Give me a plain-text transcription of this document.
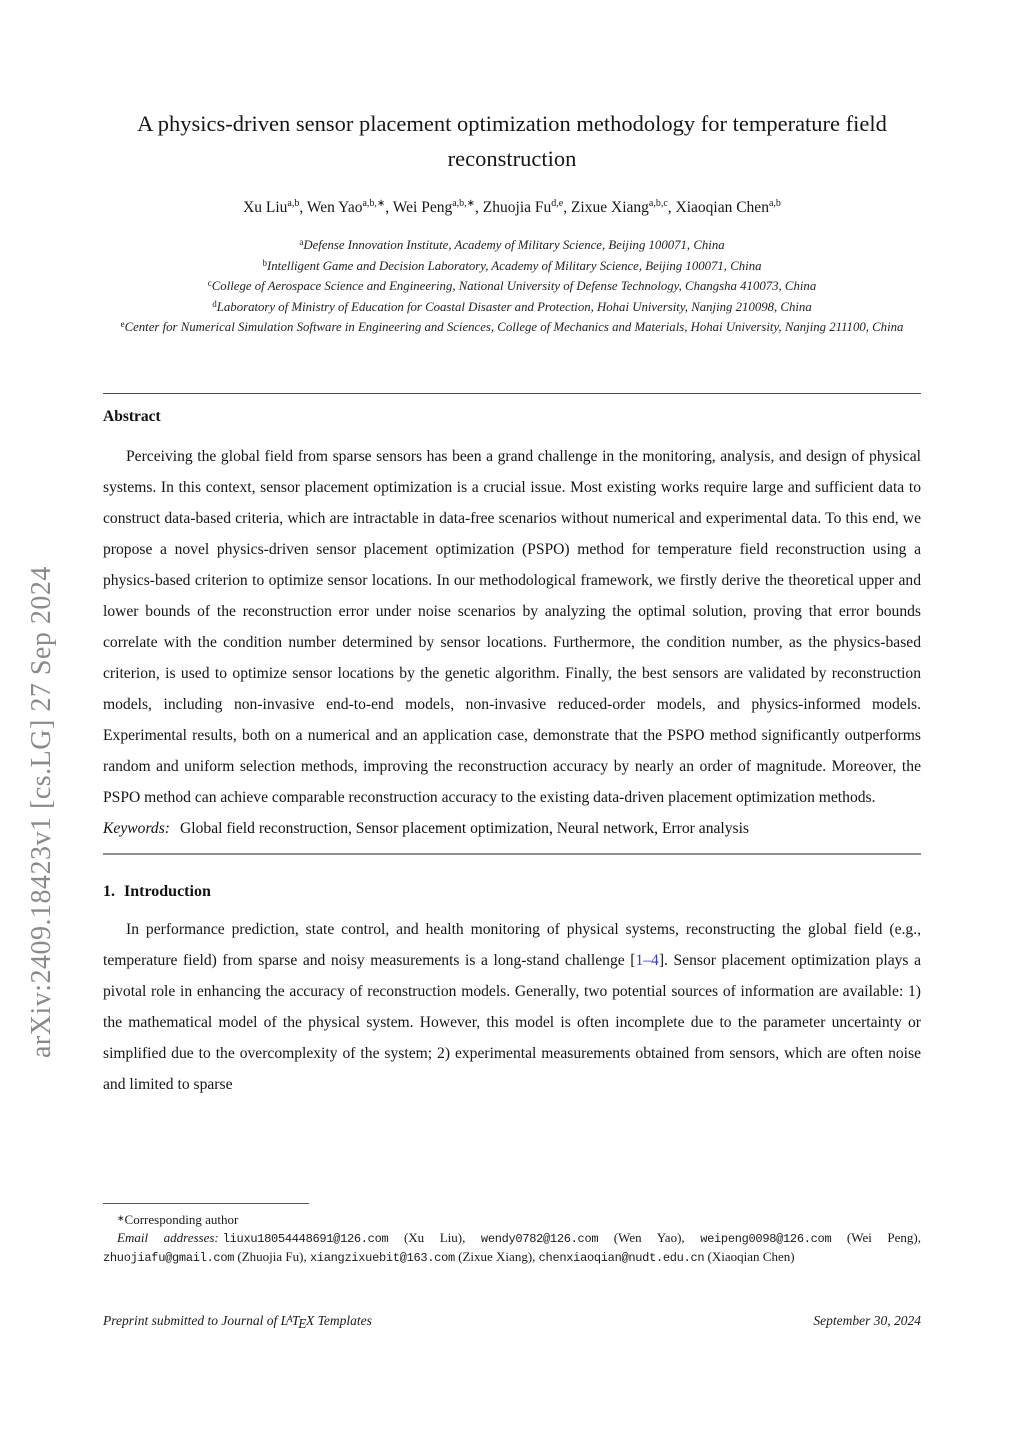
arXiv:2409.18423v1 [cs.LG] 27 Sep 2024
A physics-driven sensor placement optimization methodology for temperature field reconstruction
Xu Liu$^{a,b}$, Wen Yao$^{a,b,∗}$, Wei Peng$^{a,b,∗}$, Zhuojia Fu$^{d,e}$, Zixue Xiang$^{a,b,c}$, Xiaoqian Chen$^{a,b}$
$^a$Defense Innovation Institute, Academy of Military Science, Beijing 100071, China
$^b$Intelligent Game and Decision Laboratory, Academy of Military Science, Beijing 100071, China
$^c$College of Aerospace Science and Engineering, National University of Defense Technology, Changsha 410073, China
$^d$Laboratory of Ministry of Education for Coastal Disaster and Protection, Hohai University, Nanjing 210098, China
$^e$Center for Numerical Simulation Software in Engineering and Sciences, College of Mechanics and Materials, Hohai University, Nanjing 211100, China
Abstract

Perceiving the global field from sparse sensors has been a grand challenge in the monitoring, analysis, and design of physical systems. In this context, sensor placement optimization is a crucial issue. Most existing works require large and sufficient data to construct data-based criteria, which are intractable in data-free scenarios without numerical and experimental data. To this end, we propose a novel physics-driven sensor placement optimization (PSPO) method for temperature field reconstruction using a physics-based criterion to optimize sensor locations. In our methodological framework, we firstly derive the theoretical upper and lower bounds of the reconstruction error under noise scenarios by analyzing the optimal solution, proving that error bounds correlate with the condition number determined by sensor locations. Furthermore, the condition number, as the physics-based criterion, is used to optimize sensor locations by the genetic algorithm. Finally, the best sensors are validated by reconstruction models, including non-invasive end-to-end models, non-invasive reduced-order models, and physics-informed models. Experimental results, both on a numerical and an application case, demonstrate that the PSPO method significantly outperforms random and uniform selection methods, improving the reconstruction accuracy by nearly an order of magnitude. Moreover, the PSPO method can achieve comparable reconstruction accuracy to the existing data-driven placement optimization methods.

Keywords: Global field reconstruction, Sensor placement optimization, Neural network, Error analysis

1. Introduction

In performance prediction, state control, and health monitoring of physical systems, reconstructing the global field (e.g., temperature field) from sparse and noisy measurements is a long-stand challenge [1–4]. Sensor placement optimization plays a pivotal role in enhancing the accuracy of reconstruction models. Generally, two potential sources of information are available: 1) the mathematical model of the physical system. However, this model is often incomplete due to the parameter uncertainty or simplified due to the overcomplexity of the system; 2) experimental measurements obtained from sensors, which are often noise and limited to sparse

∗Corresponding author
Email addresses: liuxu18054448691@126.com (Xu Liu), wendy0782@126.com (Wen Yao), weipeng0098@126.com (Wei Peng), zhuojiafu@gmail.com (Zhuojia Fu), xiangzixuebit@163.com (Zixue Xiang), chenxiaoqian@nudt.edu.cn (Xiaoqian Chen)
Preprint submitted to Journal of LATEX Templates	September 30, 2024
